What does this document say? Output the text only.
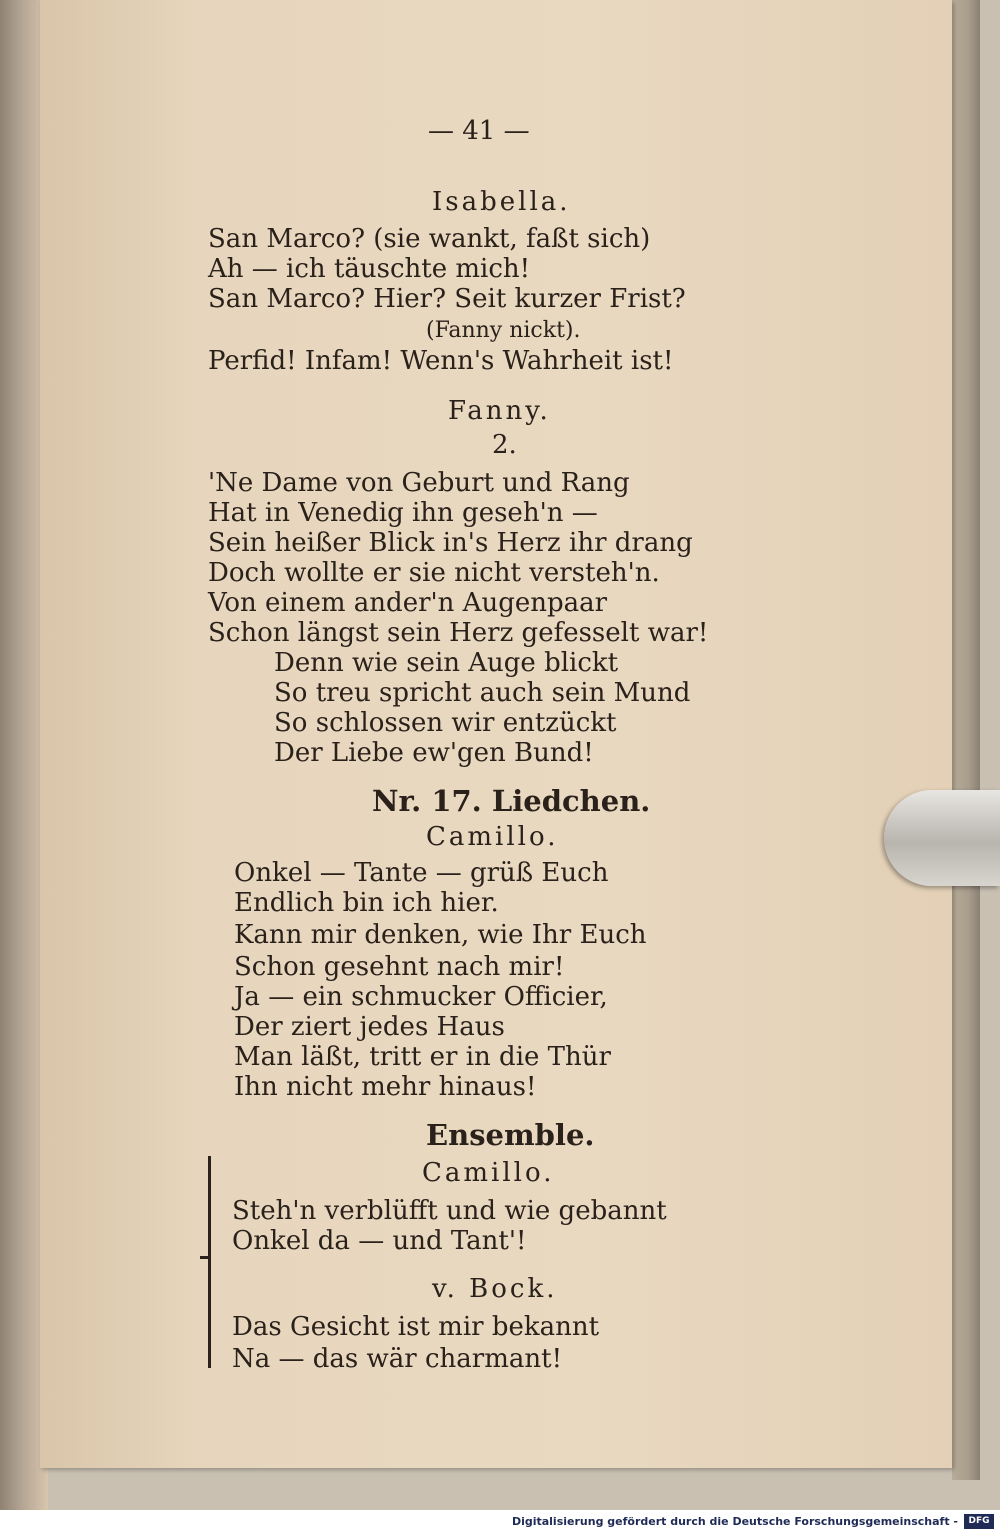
— 41 —
Isabella.
San Marco? (sie wankt, faßt sich)
Ah — ich täuschte mich!
San Marco? Hier? Seit kurzer Frist?
(Fanny nickt).
Perfid! Infam! Wenn's Wahrheit ist!
Fanny.
2.
'Ne Dame von Geburt und Rang
Hat in Venedig ihn geseh'n —
Sein heißer Blick in's Herz ihr drang
Doch wollte er sie nicht versteh'n.
Von einem ander'n Augenpaar
Schon längst sein Herz gefesselt war!
Denn wie sein Auge blickt
So treu spricht auch sein Mund
So schlossen wir entzückt
Der Liebe ew'gen Bund!
Nr. 17. Liedchen.
Camillo.
Onkel — Tante — grüß Euch
Endlich bin ich hier.
Kann mir denken, wie Ihr Euch
Schon gesehnt nach mir!
Ja — ein schmucker Officier,
Der ziert jedes Haus
Man läßt, tritt er in die Thür
Ihn nicht mehr hinaus!
Ensemble.
Camillo.
Steh'n verblüfft und wie gebannt
Onkel da — und Tant'!
v. Bock.
Das Gesicht ist mir bekannt
Na — das wär charmant!
Digitalisierung gefördert durch die Deutsche Forschungsgemeinschaft -	DFG
